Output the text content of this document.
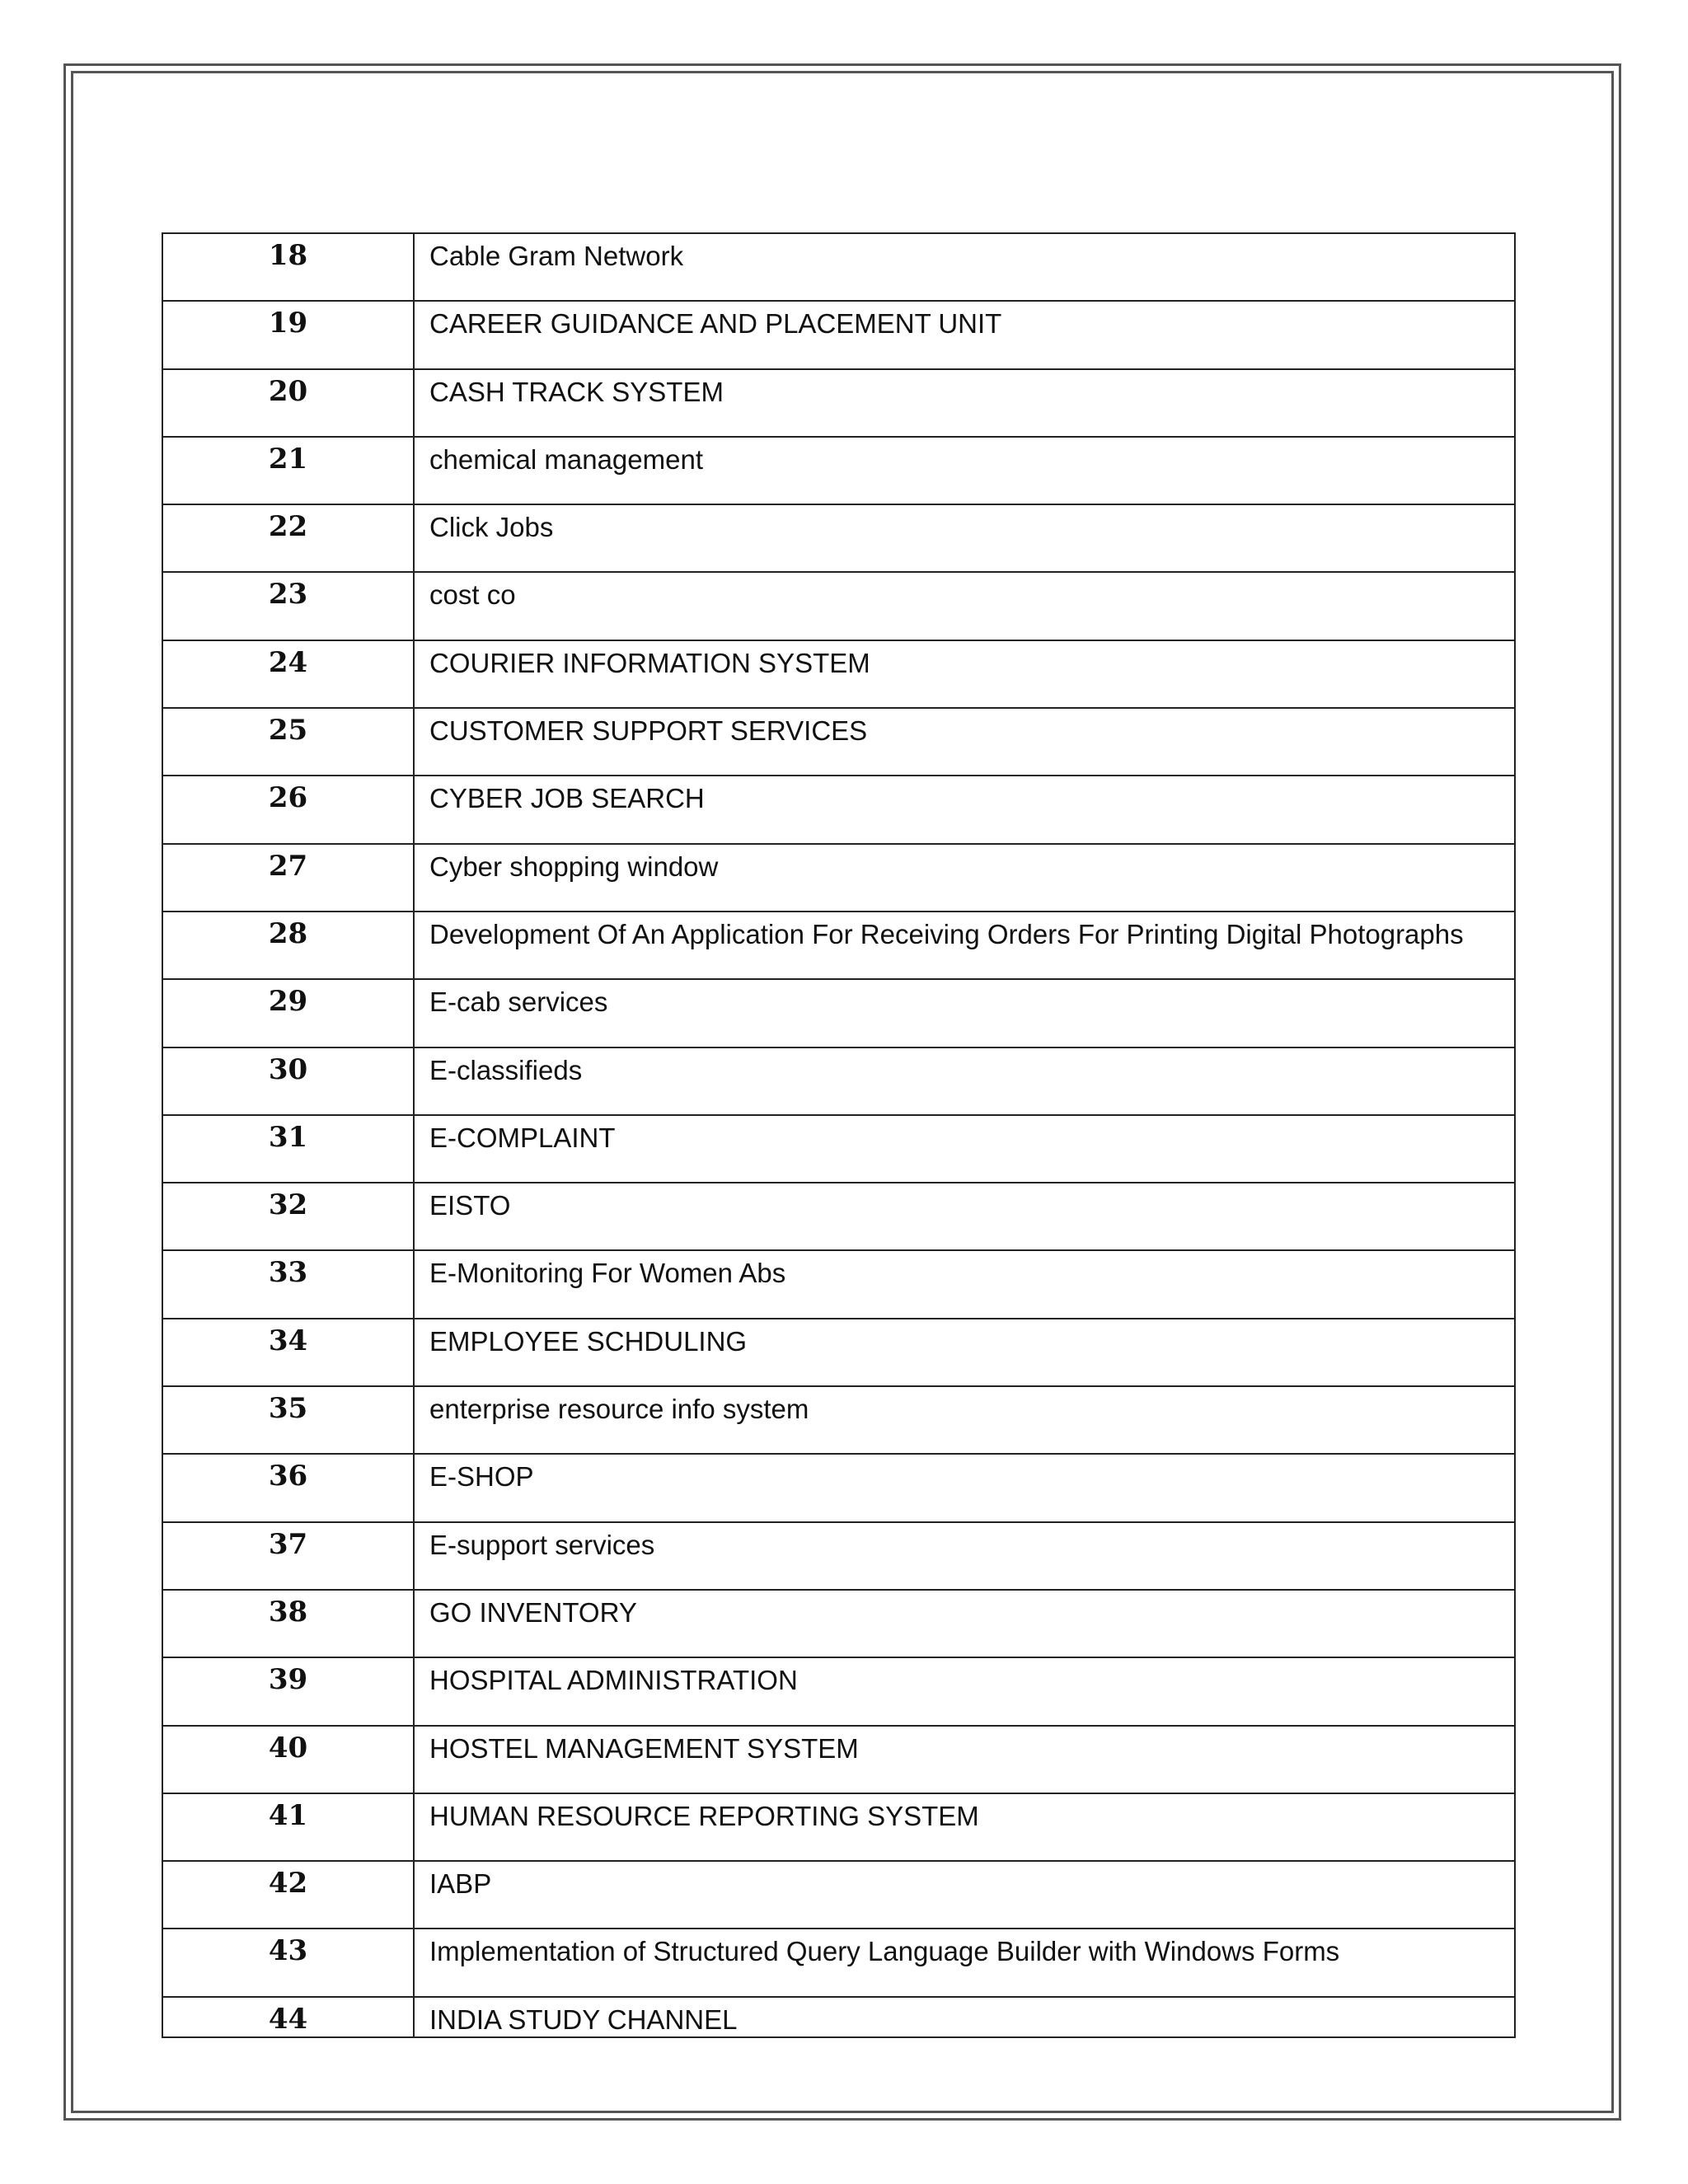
18	Cable Gram Network
19	CAREER GUIDANCE AND PLACEMENT UNIT
20	CASH TRACK SYSTEM
21	chemical management
22	Click Jobs
23	cost co
24	COURIER INFORMATION SYSTEM
25	CUSTOMER SUPPORT SERVICES
26	CYBER JOB SEARCH
27	Cyber shopping window
28	Development Of An Application For Receiving Orders For Printing Digital Photographs
29	E-cab services
30	E-classifieds
31	E-COMPLAINT
32	EISTO
33	E-Monitoring For Women Abs
34	EMPLOYEE SCHDULING
35	enterprise resource info system
36	E-SHOP
37	E-support services
38	GO INVENTORY
39	HOSPITAL ADMINISTRATION
40	HOSTEL MANAGEMENT SYSTEM
41	HUMAN RESOURCE REPORTING SYSTEM
42	IABP
43	Implementation of Structured Query Language Builder with Windows Forms
44	INDIA STUDY CHANNEL
